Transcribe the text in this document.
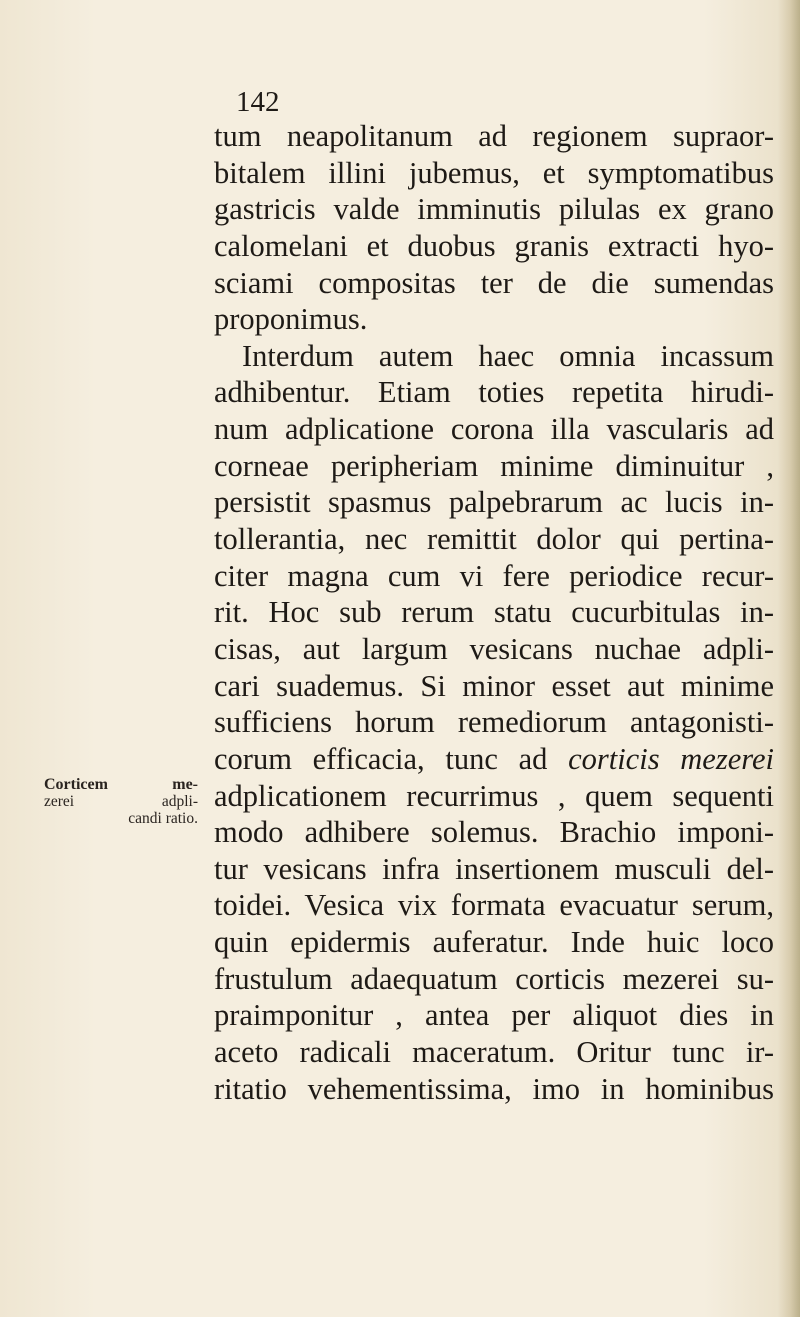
142
Corticem me-
zerei adpli-
candi ratio.
tum neapolitanum ad regionem supraor-
bitalem illini jubemus, et symptomatibus
gastricis valde imminutis pilulas ex grano
calomelani et duobus granis extracti hyo-
sciami compositas ter de die sumendas
proponimus.
Interdum autem haec omnia incassum
adhibentur. Etiam toties repetita hirudi-
num adplicatione corona illa vascularis ad
corneae peripheriam minime diminuitur ,
persistit spasmus palpebrarum ac lucis in-
tollerantia, nec remittit dolor qui pertina-
citer magna cum vi fere periodice recur-
rit. Hoc sub rerum statu cucurbitulas in-
cisas, aut largum vesicans nuchae adpli-
cari suademus. Si minor esset aut minime
sufficiens horum remediorum antagonisti-
corum efficacia, tunc ad corticis mezerei
adplicationem recurrimus , quem sequenti
modo adhibere solemus. Brachio imponi-
tur vesicans infra insertionem musculi del-
toidei. Vesica vix formata evacuatur serum,
quin epidermis auferatur. Inde huic loco
frustulum adaequatum corticis mezerei su-
praimponitur , antea per aliquot dies in
aceto radicali maceratum. Oritur tunc ir-
ritatio vehementissima, imo in hominibus
